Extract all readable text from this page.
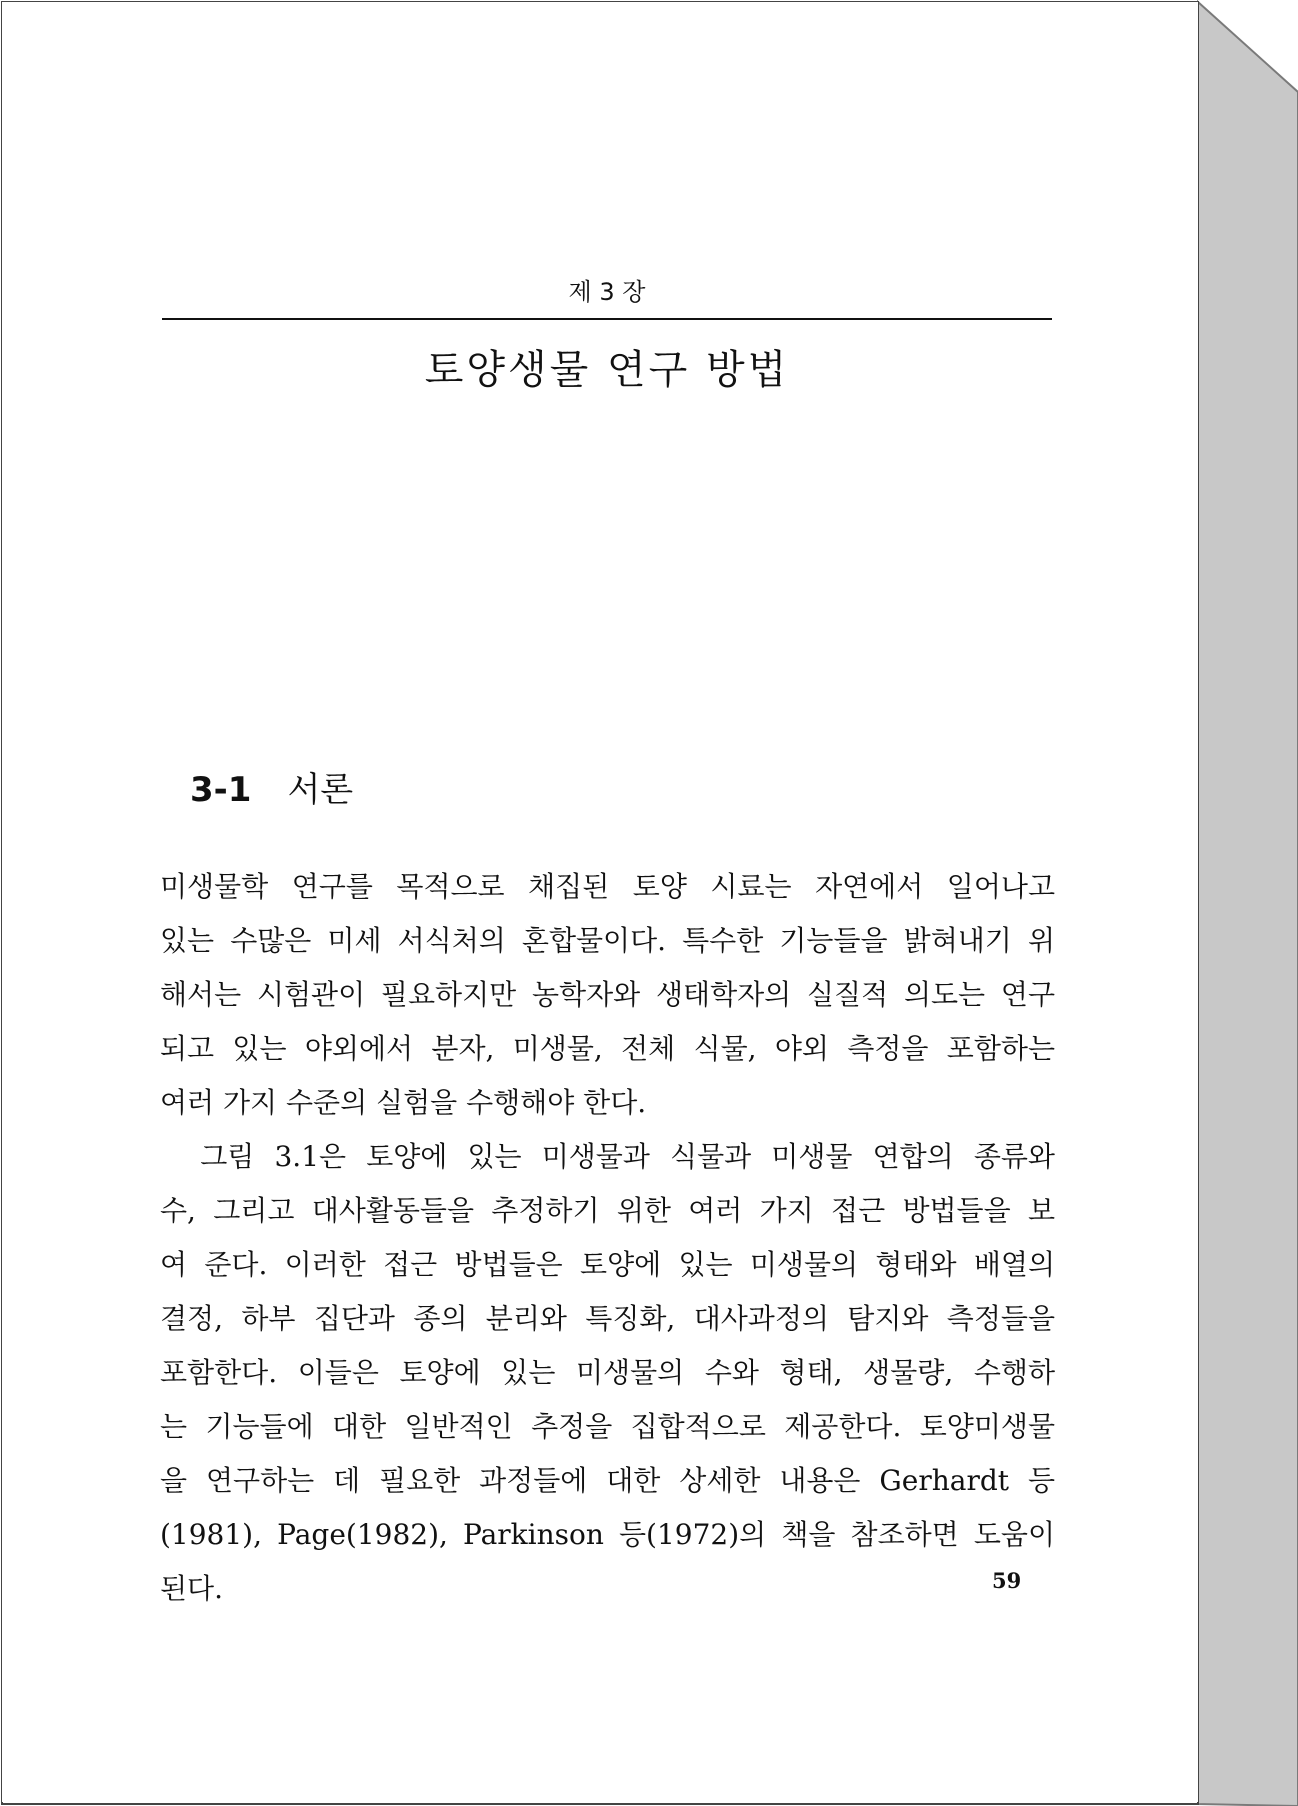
제 3 장
토양생물 연구 방법
3-1 서론
미생물학 연구를 목적으로 채집된 토양 시료는 자연에서 일어나고
있는 수많은 미세 서식처의 혼합물이다. 특수한 기능들을 밝혀내기 위
해서는 시험관이 필요하지만 농학자와 생태학자의 실질적 의도는 연구
되고 있는 야외에서 분자, 미생물, 전체 식물, 야외 측정을 포함하는
여러 가지 수준의 실험을 수행해야 한다.
그림 3.1은 토양에 있는 미생물과 식물과 미생물 연합의 종류와
수, 그리고 대사활동들을 추정하기 위한 여러 가지 접근 방법들을 보
여 준다. 이러한 접근 방법들은 토양에 있는 미생물의 형태와 배열의
결정, 하부 집단과 종의 분리와 특징화, 대사과정의 탐지와 측정들을
포함한다. 이들은 토양에 있는 미생물의 수와 형태, 생물량, 수행하
는 기능들에 대한 일반적인 추정을 집합적으로 제공한다. 토양미생물
을 연구하는 데 필요한 과정들에 대한 상세한 내용은 Gerhardt 등
(1981), Page(1982), Parkinson 등(1972)의 책을 참조하면 도움이
된다.	59
